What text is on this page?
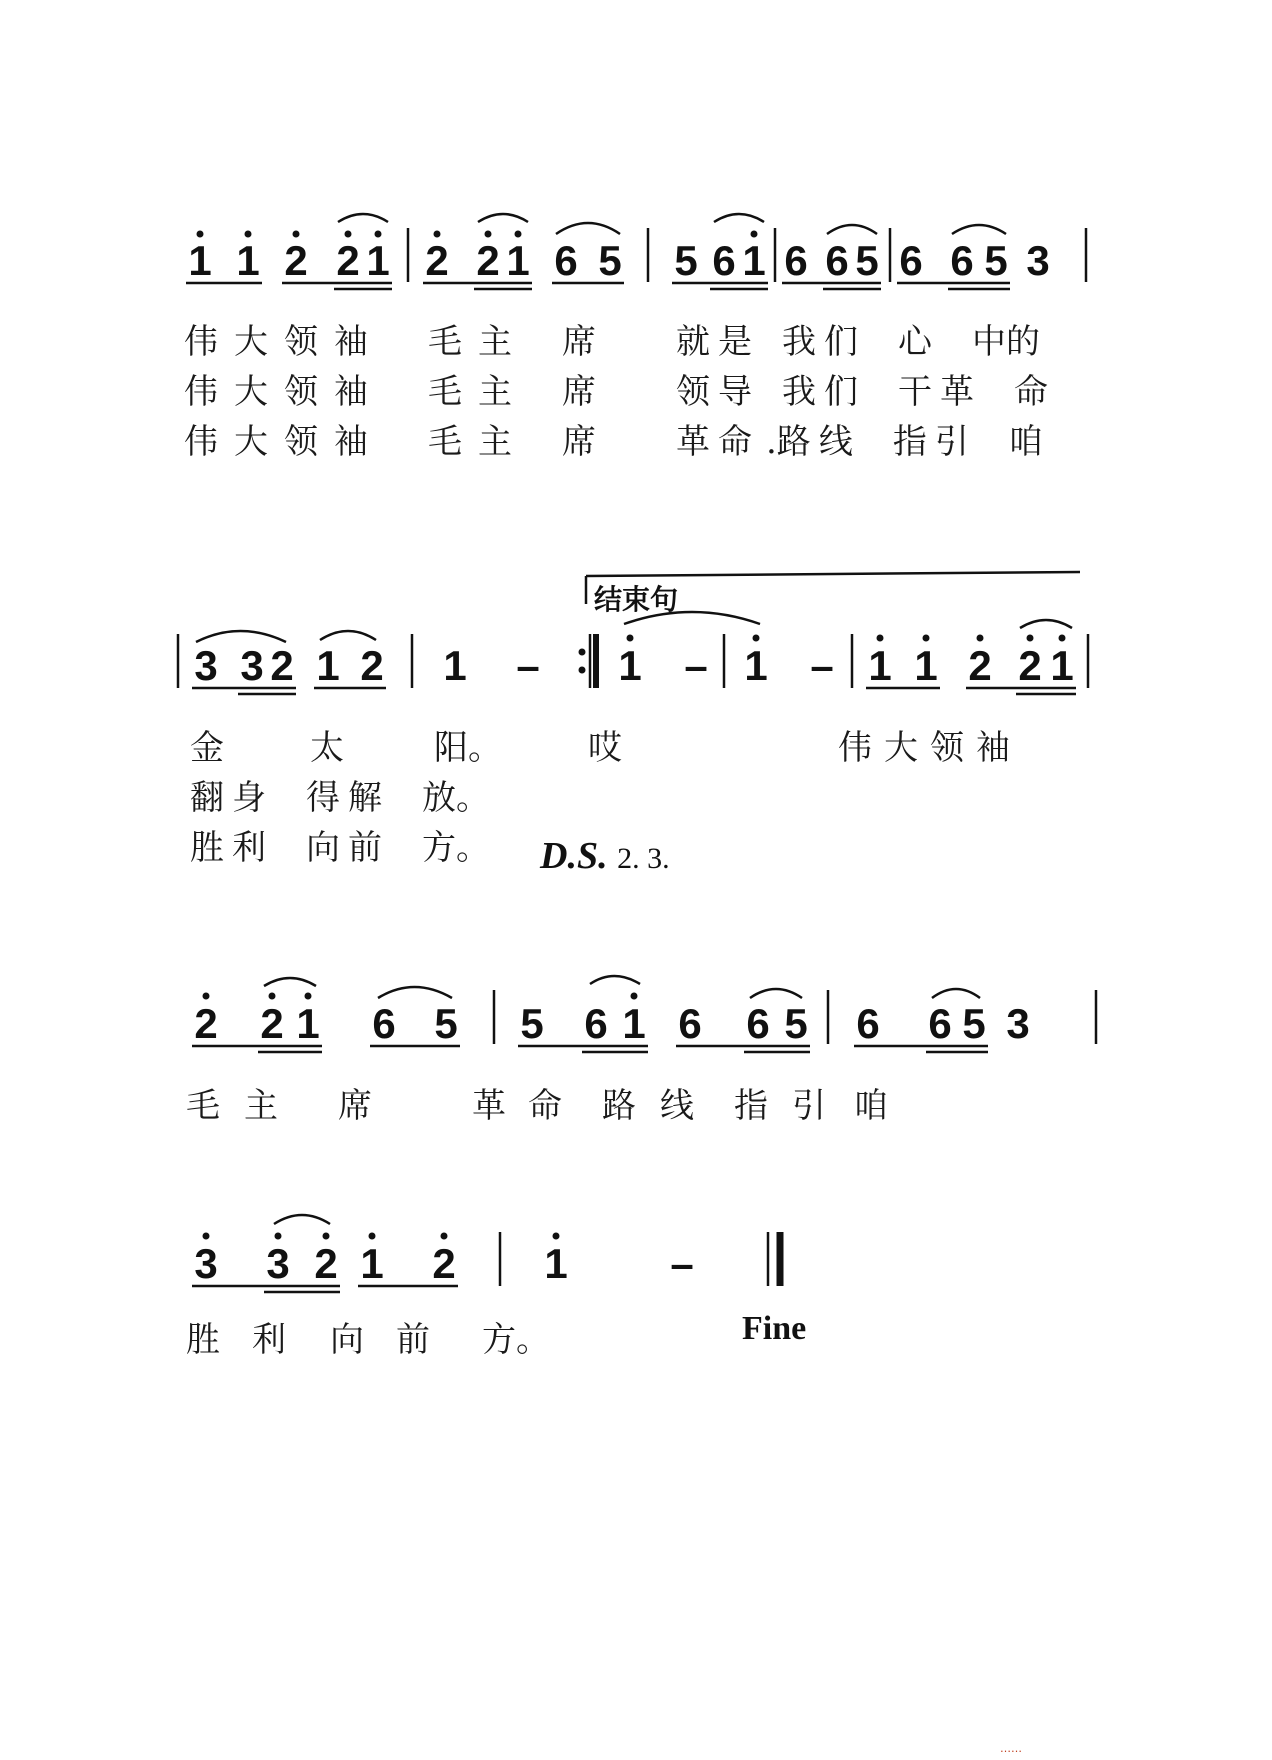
1 1 2 2 1 2 2 1 6 5 5 6 1 6 6 5 6 6 5 3
3 3 2 1 2 1 – 1 – 1 – 1 1 2 2 1
2 2 1 6 5 5 6 1 6 6 5 6 6 5 3
3 3 2 1 2 1 –
结束句
伟 大 领 袖 毛 主 席 就 是 我 们 心 中的
伟 大 领 袖 毛 主 席 领 导 我 们 干 革 命
伟 大 领 袖 毛 主 席 革 命 .路 线 指 引 咱
金	太	阳。	哎	伟 大 领 袖
翻 身 得 解 放。
胜 利 向 前 方。 D.S. 2. 3.
毛 主 席	革 命 路 线 指 引 咱
胜 利 向 前 方。	Fine
……
